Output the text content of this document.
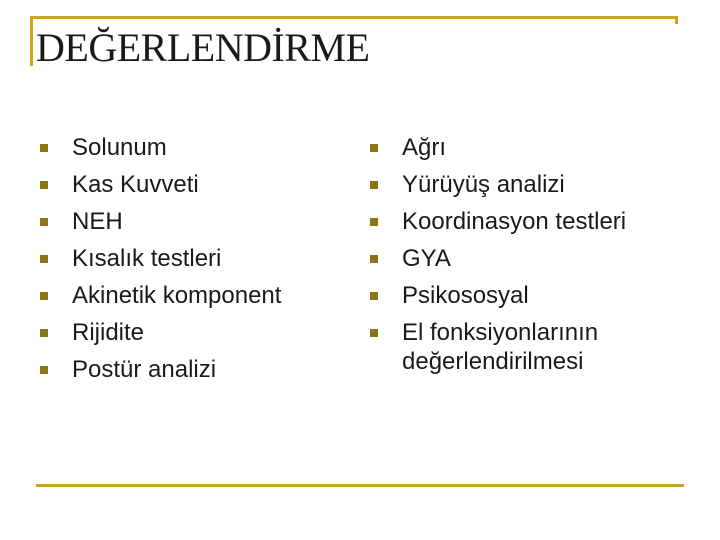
DEĞERLENDİRME
Solunum
Kas Kuvveti
NEH
Kısalık testleri
Akinetik komponent
Rijidite
Postür analizi
Ağrı
Yürüyüş analizi
Koordinasyon testleri
GYA
Psikososyal
El fonksiyonlarının değerlendirilmesi
